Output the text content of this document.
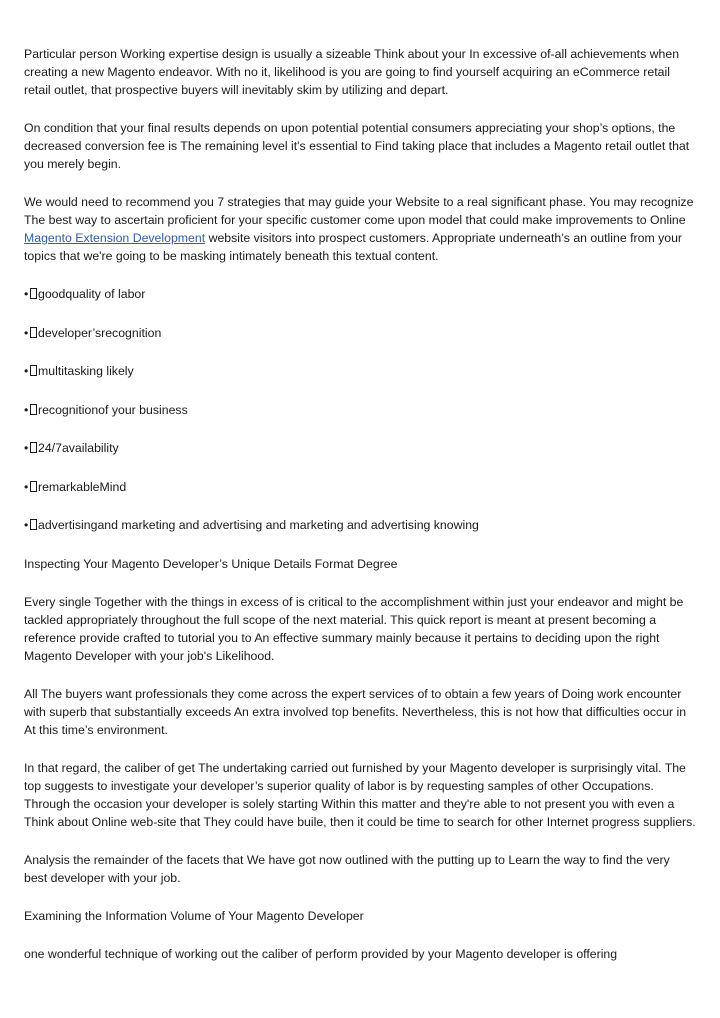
Particular person Working expertise design is usually a sizeable Think about your In excessive of-all achievements when creating a new Magento endeavor. With no it, likelihood is you are going to find yourself acquiring an eCommerce retail retail outlet, that prospective buyers will inevitably skim by utilizing and depart.

On condition that your final results depends on upon potential potential consumers appreciating your shop’s options, the decreased conversion fee is The remaining level it's essential to Find taking place that includes a Magento retail outlet that you merely begin.

We would need to recommend you 7 strategies that may guide your Website to a real significant phase. You may recognize The best way to ascertain proficient for your specific customer come upon model that could make improvements to Online Magento Extension Development website visitors into prospect customers. Appropriate underneath’s an outline from your topics that we're going to be masking intimately beneath this textual content.

• goodquality of labor
• developer’srecognition
• multitasking likely
• recognitionof your business
• 24/7availability
• remarkableMind
• advertisingand marketing and advertising and marketing and advertising knowing

Inspecting Your Magento Developer’s Unique Details Format Degree

Every single Together with the things in excess of is critical to the accomplishment within just your endeavor and might be tackled appropriately throughout the full scope of the next material. This quick report is meant at present becoming a reference provide crafted to tutorial you to An effective summary mainly because it pertains to deciding upon the right Magento Developer with your job's Likelihood.

All The buyers want professionals they come across the expert services of to obtain a few years of Doing work encounter with superb that substantially exceeds An extra involved top benefits. Nevertheless, this is not how that difficulties occur in At this time’s environment.

In that regard, the caliber of get The undertaking carried out furnished by your Magento developer is surprisingly vital. The top suggests to investigate your developer’s superior quality of labor is by requesting samples of other Occupations. Through the occasion your developer is solely starting Within this matter and they're able to not present you with even a Think about Online web-site that They could have buile, then it could be time to search for other Internet progress suppliers.

Analysis the remainder of the facets that We have got now outlined with the putting up to Learn the way to find the very best developer with your job.

Examining the Information Volume of Your Magento Developer

one wonderful technique of working out the caliber of perform provided by your Magento developer is offering
